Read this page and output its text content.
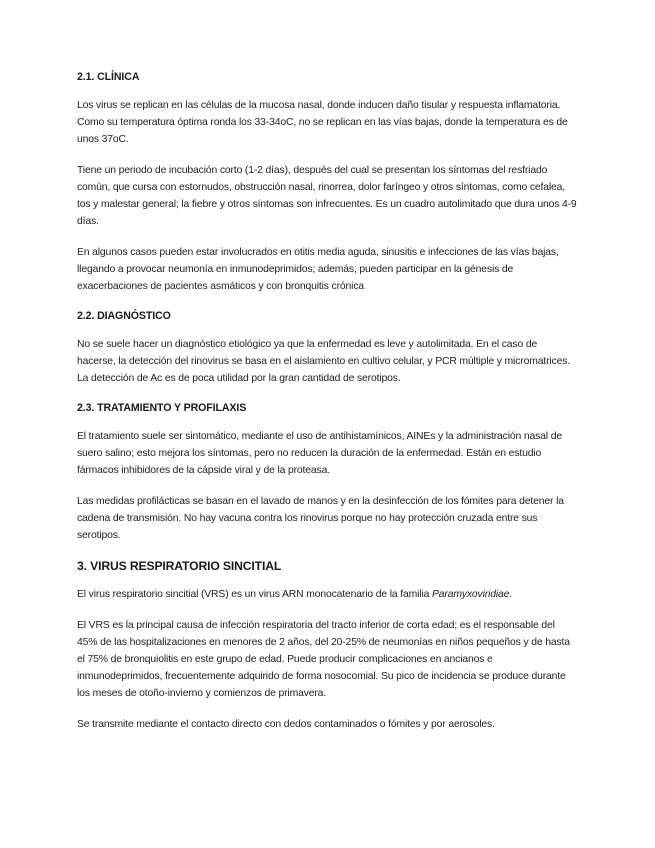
2.1. CLÍNICA

Los virus se replican en las células de la mucosa nasal, donde inducen daño tisular y respuesta inflamatoria. Como su temperatura óptima ronda los 33-34oC, no se replican en las vías bajas, donde la temperatura es de unos 37oC.

Tiene un periodo de incubación corto (1-2 días), después del cual se presentan los síntomas del resfriado común, que cursa con estornudos, obstrucción nasal, rinorrea, dolor faríngeo y otros síntomas, como cefalea, tos y malestar general; la fiebre y otros síntomas son infrecuentes. Es un cuadro autolimitado que dura unos 4-9 días.

En algunos casos pueden estar involucrados en otitis media aguda, sinusitis e infecciones de las vías bajas, llegando a provocar neumonía en inmunodeprimidos; además, pueden participar en la génesis de exacerbaciones de pacientes asmáticos y con bronquitis crónica

2.2. DIAGNÓSTICO

No se suele hacer un diagnóstico etiológico ya que la enfermedad es leve y autolimitada. En el caso de hacerse, la detección del rinovirus se basa en el aislamiento en cultivo celular, y PCR múltiple y micromatrices. La detección de Ac es de poca utilidad por la gran cantidad de serotipos.

2.3. TRATAMIENTO Y PROFILAXIS

El tratamiento suele ser sintomático, mediante el uso de antihistamínicos, AINEs y la administración nasal de suero salino; esto mejora los síntomas, pero no reducen la duración de la enfermedad. Están en estudio fármacos inhibidores de la cápside viral y de la proteasa.

Las medidas profilácticas se basan en el lavado de manos y en la desinfección de los fómites para detener la cadena de transmisión. No hay vacuna contra los rinovirus porque no hay protección cruzada entre sus serotipos.

3. VIRUS RESPIRATORIO SINCITIAL

El virus respiratorio sincitial (VRS) es un virus ARN monocatenario de la familia Paramyxoviridiae.

El VRS es la principal causa de infección respiratoria del tracto inferior de corta edad; es el responsable del 45% de las hospitalizaciones en menores de 2 años, del 20-25% de neumonías en niños pequeños y de hasta el 75% de bronquiolitis en este grupo de edad. Puede producir complicaciones en ancianos e inmunodeprimidos, frecuentemente adquirido de forma nosocomial. Su pico de incidencia se produce durante los meses de otoño-invierno y comienzos de primavera.

Se transmite mediante el contacto directo con dedos contaminados o fómites y por aerosoles.
